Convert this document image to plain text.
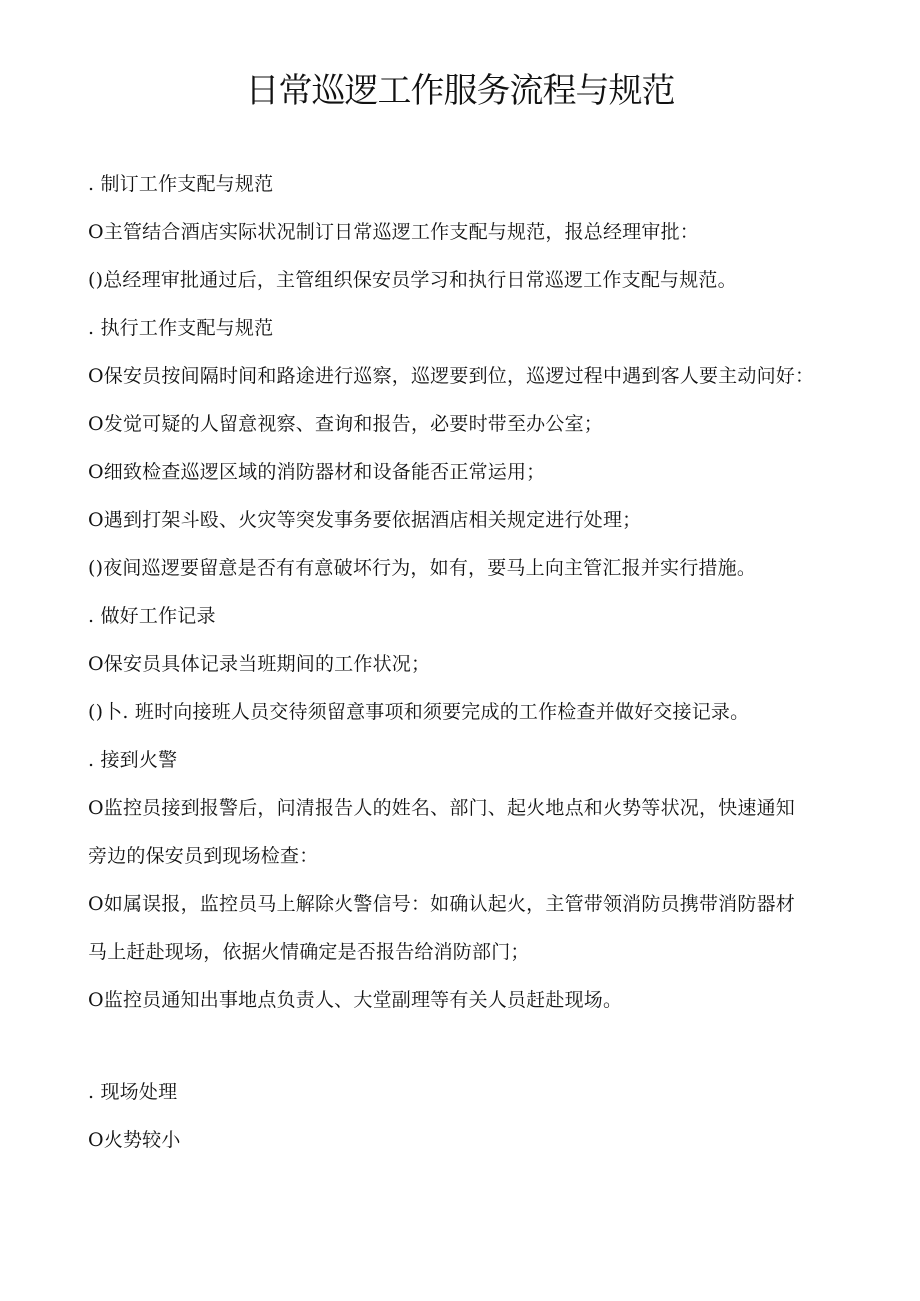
日常巡逻工作服务流程与规范
. 制订工作支配与规范
O主管结合酒店实际状况制订日常巡逻工作支配与规范，报总经理审批：
()总经理审批通过后，主管组织保安员学习和执行日常巡逻工作支配与规范。
. 执行工作支配与规范
O保安员按间隔时间和路途进行巡察，巡逻要到位，巡逻过程中遇到客人要主动问好：
O发觉可疑的人留意视察、查询和报告，必要时带至办公室；
O细致检查巡逻区域的消防器材和设备能否正常运用；
O遇到打架斗殴、火灾等突发事务要依据酒店相关规定进行处理；
()夜间巡逻要留意是否有有意破坏行为，如有，要马上向主管汇报并实行措施。
. 做好工作记录
O保安员具体记录当班期间的工作状况；
()卜. 班时向接班人员交待须留意事项和须要完成的工作检查并做好交接记录。
. 接到火警
O监控员接到报警后，问清报告人的姓名、部门、起火地点和火势等状况，快速通知
旁边的保安员到现场检查：
O如属误报，监控员马上解除火警信号：如确认起火，主管带领消防员携带消防器材
马上赶赴现场，依据火情确定是否报告给消防部门；
O监控员通知出事地点负责人、大堂副理等有关人员赶赴现场。
. 现场处理
O火势较小
